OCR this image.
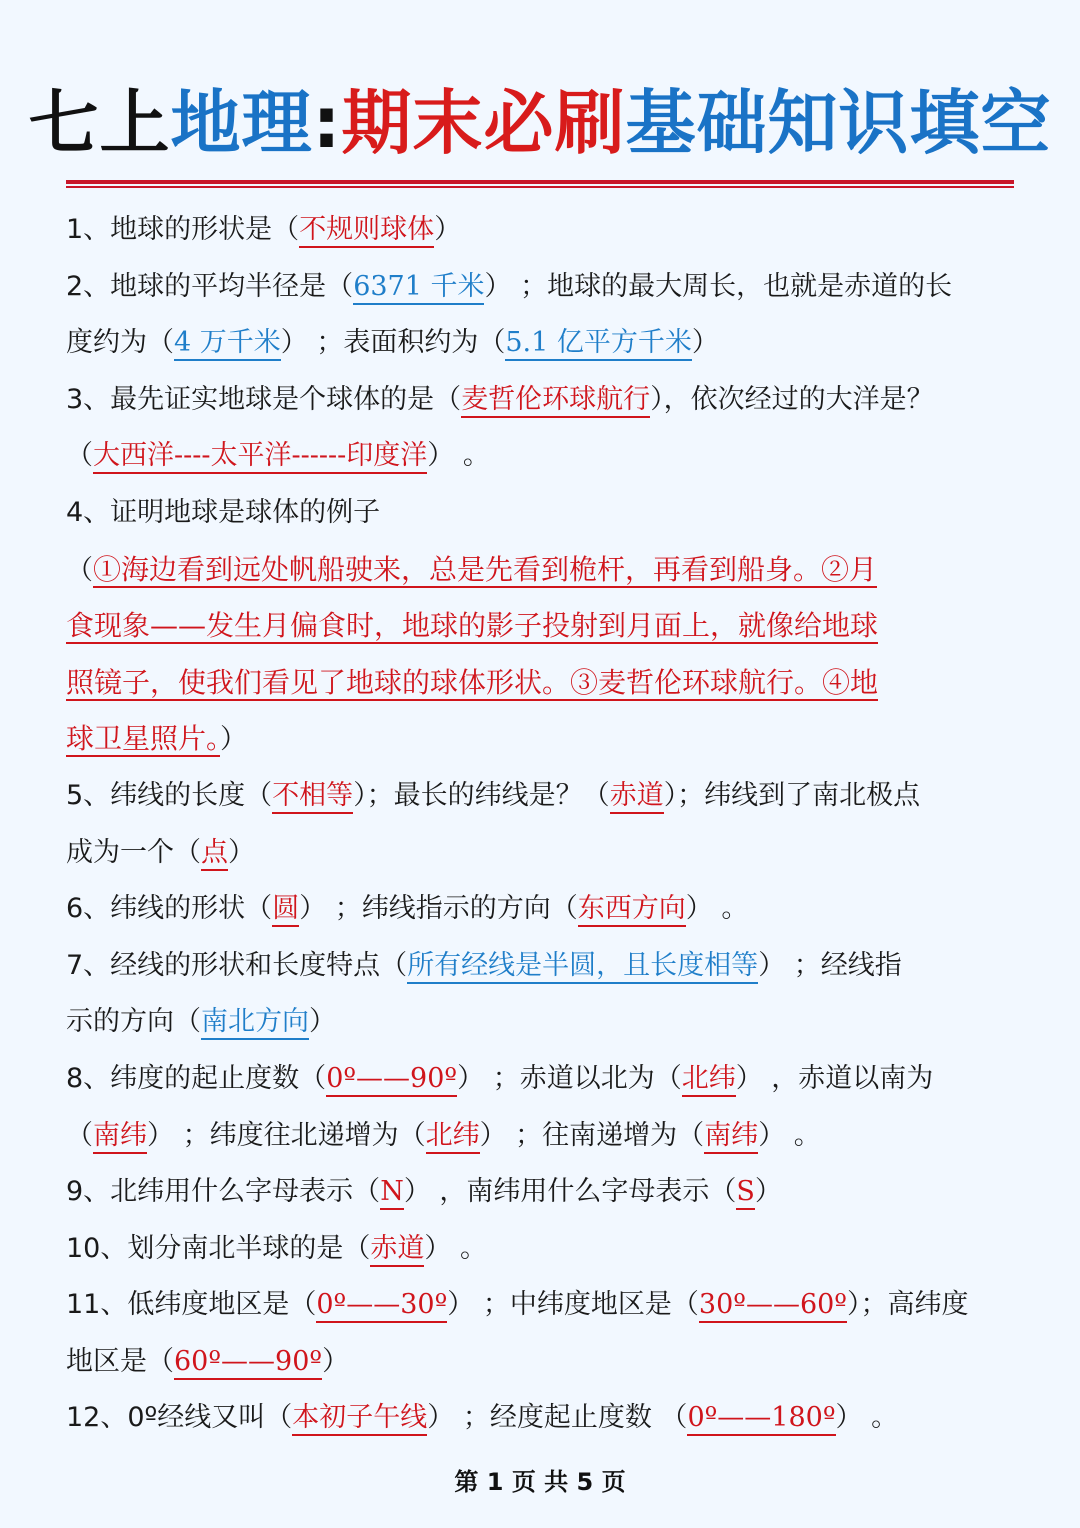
七上地理:期末必刷基础知识填空
1、地球的形状是（不规则球体）
2、地球的平均半径是（6371 千米） ；地球的最大周长，也就是赤道的长
度约为（4 万千米） ；表面积约为（5.1 亿平方千米）
3、最先证实地球是个球体的是（麦哲伦环球航行），依次经过的大洋是？
（大西洋----太平洋------印度洋） 。
4、证明地球是球体的例子
（①海边看到远处帆船驶来，总是先看到桅杆，再看到船身。②月
食现象——发生月偏食时，地球的影子投射到月面上，就像给地球
照镜子，使我们看见了地球的球体形状。③麦哲伦环球航行。④地
球卫星照片。）
5、纬线的长度（不相等）；最长的纬线是？（赤道）；纬线到了南北极点
成为一个（点）
6、纬线的形状（圆） ；纬线指示的方向（东西方向） 。
7、经线的形状和长度特点（所有经线是半圆，且长度相等） ；经线指
示的方向（南北方向）
8、纬度的起止度数（0º——90º） ；赤道以北为（北纬） ，赤道以南为
（南纬） ；纬度往北递增为（北纬） ；往南递增为（南纬） 。
9、北纬用什么字母表示（N） ，南纬用什么字母表示（S）
10、划分南北半球的是（赤道） 。
11、低纬度地区是（0º——30º） ；中纬度地区是（30º——60º）；高纬度
地区是（60º——90º）
12、0º经线又叫（本初子午线） ；经度起止度数 （0º——180º） 。
第 1 页 共 5 页
